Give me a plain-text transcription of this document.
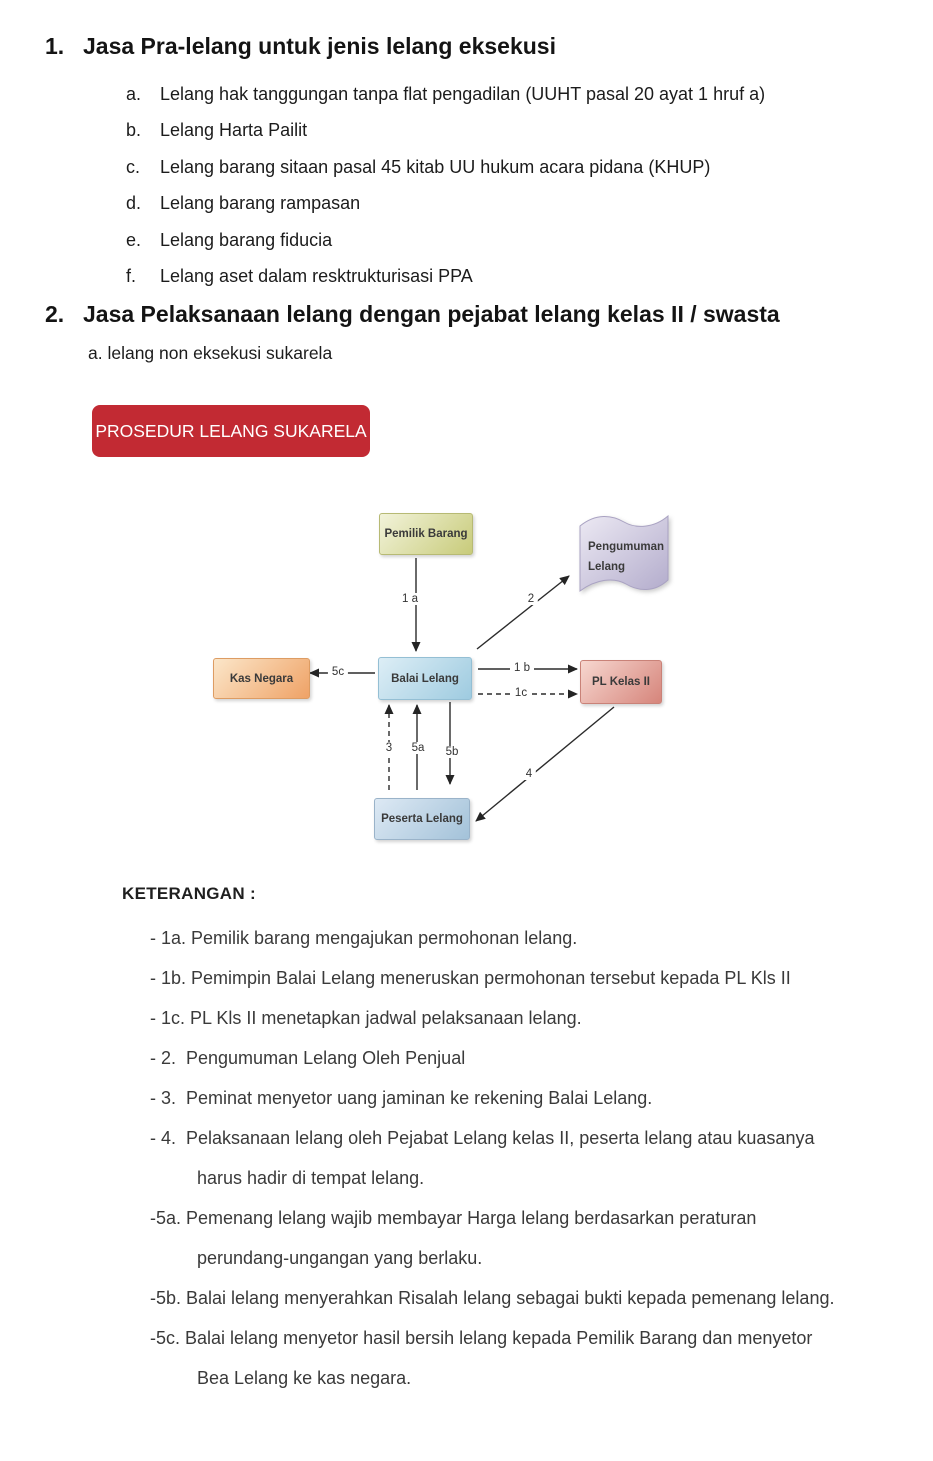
1. Jasa Pra-lelang untuk jenis lelang eksekusi
a.	Lelang hak tanggungan tanpa flat pengadilan (UUHT pasal 20 ayat 1 hruf a)
b.	Lelang Harta Pailit
c.	Lelang barang sitaan pasal 45 kitab UU hukum acara pidana (KHUP)
d.	Lelang barang rampasan
e.	Lelang barang fiducia
f.	Lelang aset dalam resktrukturisasi PPA
2. Jasa Pelaksanaan lelang dengan pejabat lelang kelas II / swasta
a. lelang non eksekusi sukarela
PROSEDUR LELANG SUKARELA
Pemilik Barang
Pengumuman
Lelang
Kas Negara	Balai Lelang	PL Kelas II
Peserta Lelang
1 a	2
5c	1 b
1c
3	5a	5b
4
KETERANGAN :
- 1a. Pemilik barang mengajukan permohonan lelang.
- 1b. Pemimpin Balai Lelang meneruskan permohonan tersebut kepada PL Kls II
- 1c. PL Kls II menetapkan jadwal pelaksanaan lelang.
- 2.  Pengumuman Lelang Oleh Penjual
- 3.  Peminat menyetor uang jaminan ke rekening Balai Lelang.
- 4.  Pelaksanaan lelang oleh Pejabat Lelang kelas II, peserta lelang atau kuasanya
harus hadir di tempat lelang.
-5a. Pemenang lelang wajib membayar Harga lelang berdasarkan peraturan
perundang-ungangan yang berlaku.
-5b. Balai lelang menyerahkan Risalah lelang sebagai bukti kepada pemenang lelang.
-5c. Balai lelang menyetor hasil bersih lelang kepada Pemilik Barang dan menyetor
Bea Lelang ke kas negara.
